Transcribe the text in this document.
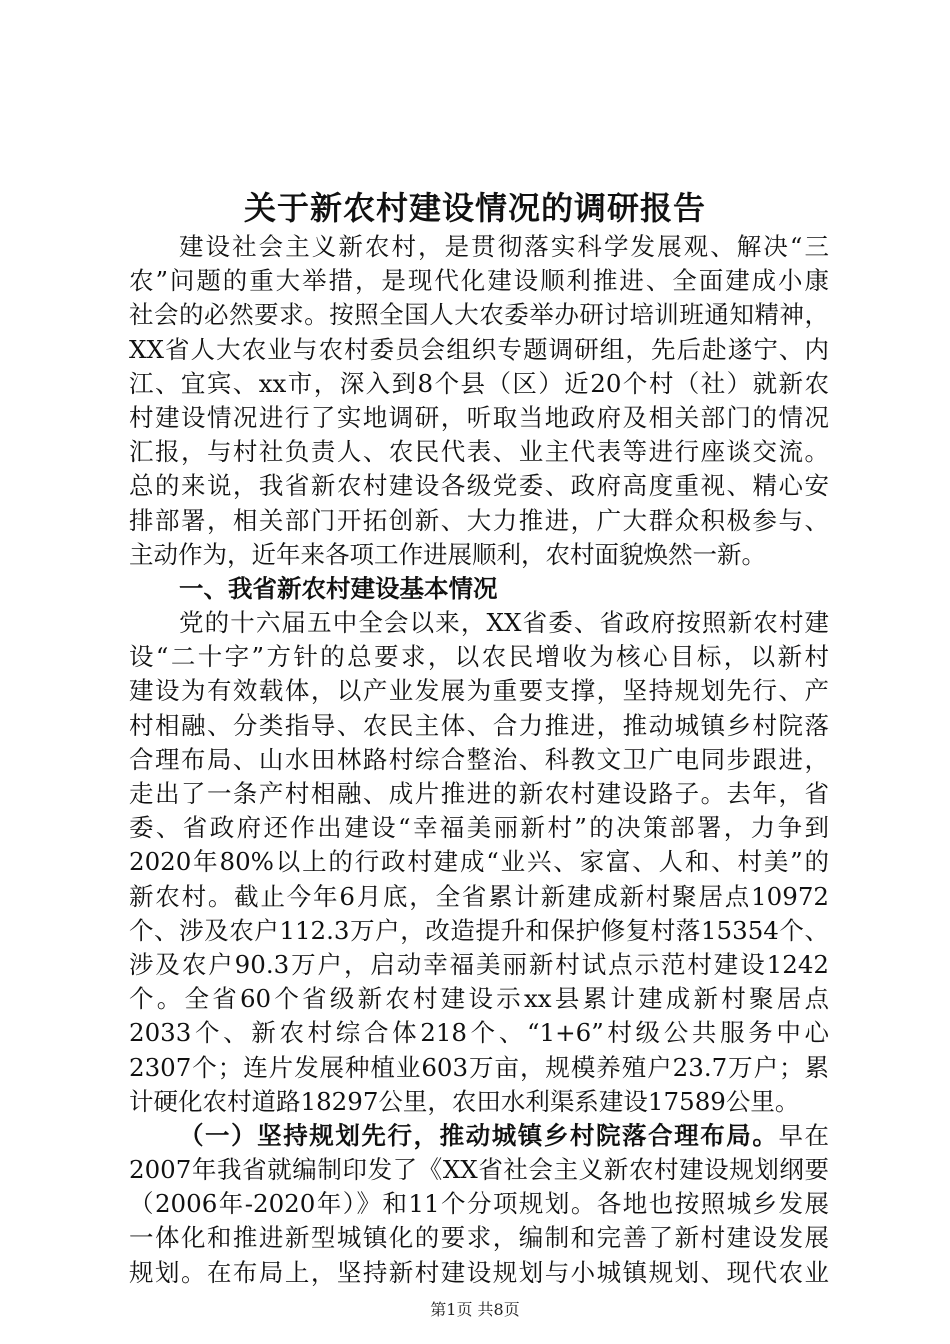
关于新农村建设情况的调研报告
建设社会主义新农村，是贯彻落实科学发展观、解决“三
农”问题的重大举措，是现代化建设顺利推进、全面建成小康
社会的必然要求。按照全国人大农委举办研讨培训班通知精神，
XX省人大农业与农村委员会组织专题调研组，先后赴遂宁、内
江、宜宾、xx市，深入到8个县（区）近20个村（社）就新农
村建设情况进行了实地调研，听取当地政府及相关部门的情况
汇报，与村社负责人、农民代表、业主代表等进行座谈交流。
总的来说，我省新农村建设各级党委、政府高度重视、精心安
排部署，相关部门开拓创新、大力推进，广大群众积极参与、
主动作为，近年来各项工作进展顺利，农村面貌焕然一新。
一、我省新农村建设基本情况
党的十六届五中全会以来，XX省委、省政府按照新农村建
设“二十字”方针的总要求，以农民增收为核心目标，以新村
建设为有效载体，以产业发展为重要支撑，坚持规划先行、产
村相融、分类指导、农民主体、合力推进，推动城镇乡村院落
合理布局、山水田林路村综合整治、科教文卫广电同步跟进，
走出了一条产村相融、成片推进的新农村建设路子。去年，省
委、省政府还作出建设“幸福美丽新村”的决策部署，力争到
2020年80%以上的行政村建成“业兴、家富、人和、村美”的
新农村。截止今年6月底，全省累计新建成新村聚居点10972
个、涉及农户112.3万户，改造提升和保护修复村落15354个、
涉及农户90.3万户，启动幸福美丽新村试点示范村建设1242
个。全省60个省级新农村建设示xx县累计建成新村聚居点
2033个、新农村综合体218个、“1+6”村级公共服务中心
2307个；连片发展种植业603万亩，规模养殖户23.7万户；累
计硬化农村道路18297公里，农田水利渠系建设17589公里。
（一）坚持规划先行，推动城镇乡村院落合理布局。早在
2007年我省就编制印发了《XX省社会主义新农村建设规划纲要
（2006年-2020年）》和11个分项规划。各地也按照城乡发展
一体化和推进新型城镇化的要求，编制和完善了新村建设发展
规划。在布局上，坚持新村建设规划与小城镇规划、现代农业
第1页 共8页
